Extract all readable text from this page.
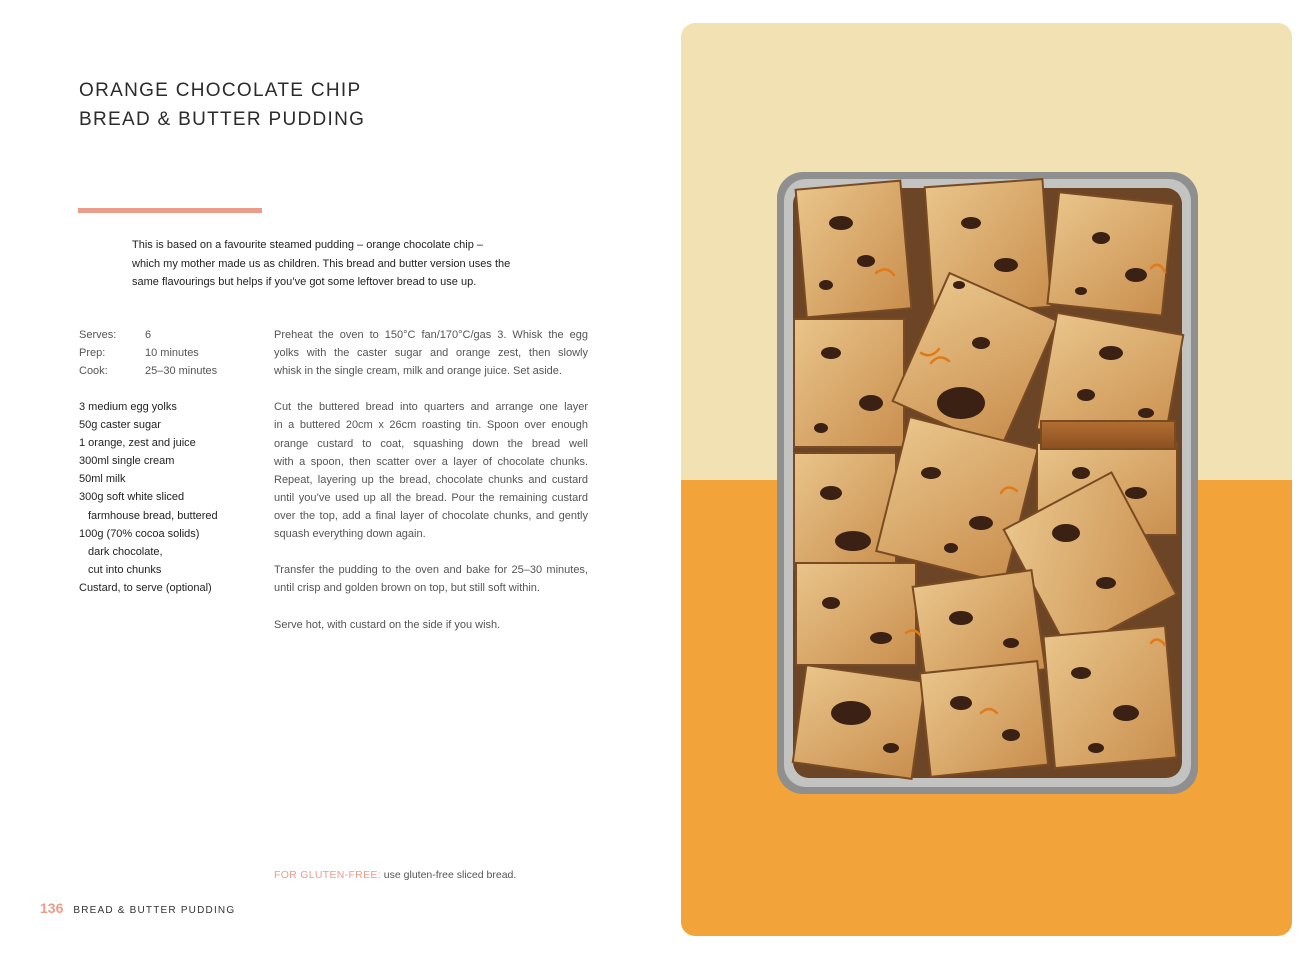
ORANGE CHOCOLATE CHIP
BREAD & BUTTER PUDDING

This is based on a favourite steamed pudding – orange chocolate chip –
which my mother made us as children. This bread and butter version uses the
same flavourings but helps if you’ve got some leftover bread to use up.

Serves:	6
Prep:	10 minutes
Cook:	25–30 minutes
3 medium egg yolks
50g caster sugar
1 orange, zest and juice
300ml single cream
50ml milk
300g soft white sliced
farmhouse bread, buttered
100g (70% cocoa solids)
dark chocolate,
cut into chunks
Custard, to serve (optional)

Preheat the oven to 150°C fan/170°C/gas 3. Whisk the egg
yolks with the caster sugar and orange zest, then slowly
whisk in the single cream, milk and orange juice. Set aside.

Cut the buttered bread into quarters and arrange one layer
in a buttered 20cm x 26cm roasting tin. Spoon over enough
orange custard to coat, squashing down the bread well
with a spoon, then scatter over a layer of chocolate chunks.
Repeat, layering up the bread, chocolate chunks and custard
until you’ve used up all the bread. Pour the remaining custard
over the top, add a final layer of chocolate chunks, and gently
squash everything down again.

Transfer the pudding to the oven and bake for 25–30 minutes,
until crisp and golden brown on top, but still soft within.

Serve hot, with custard on the side if you wish.

FOR GLUTEN-FREE: use gluten-free sliced bread.
136 BREAD & BUTTER PUDDING
